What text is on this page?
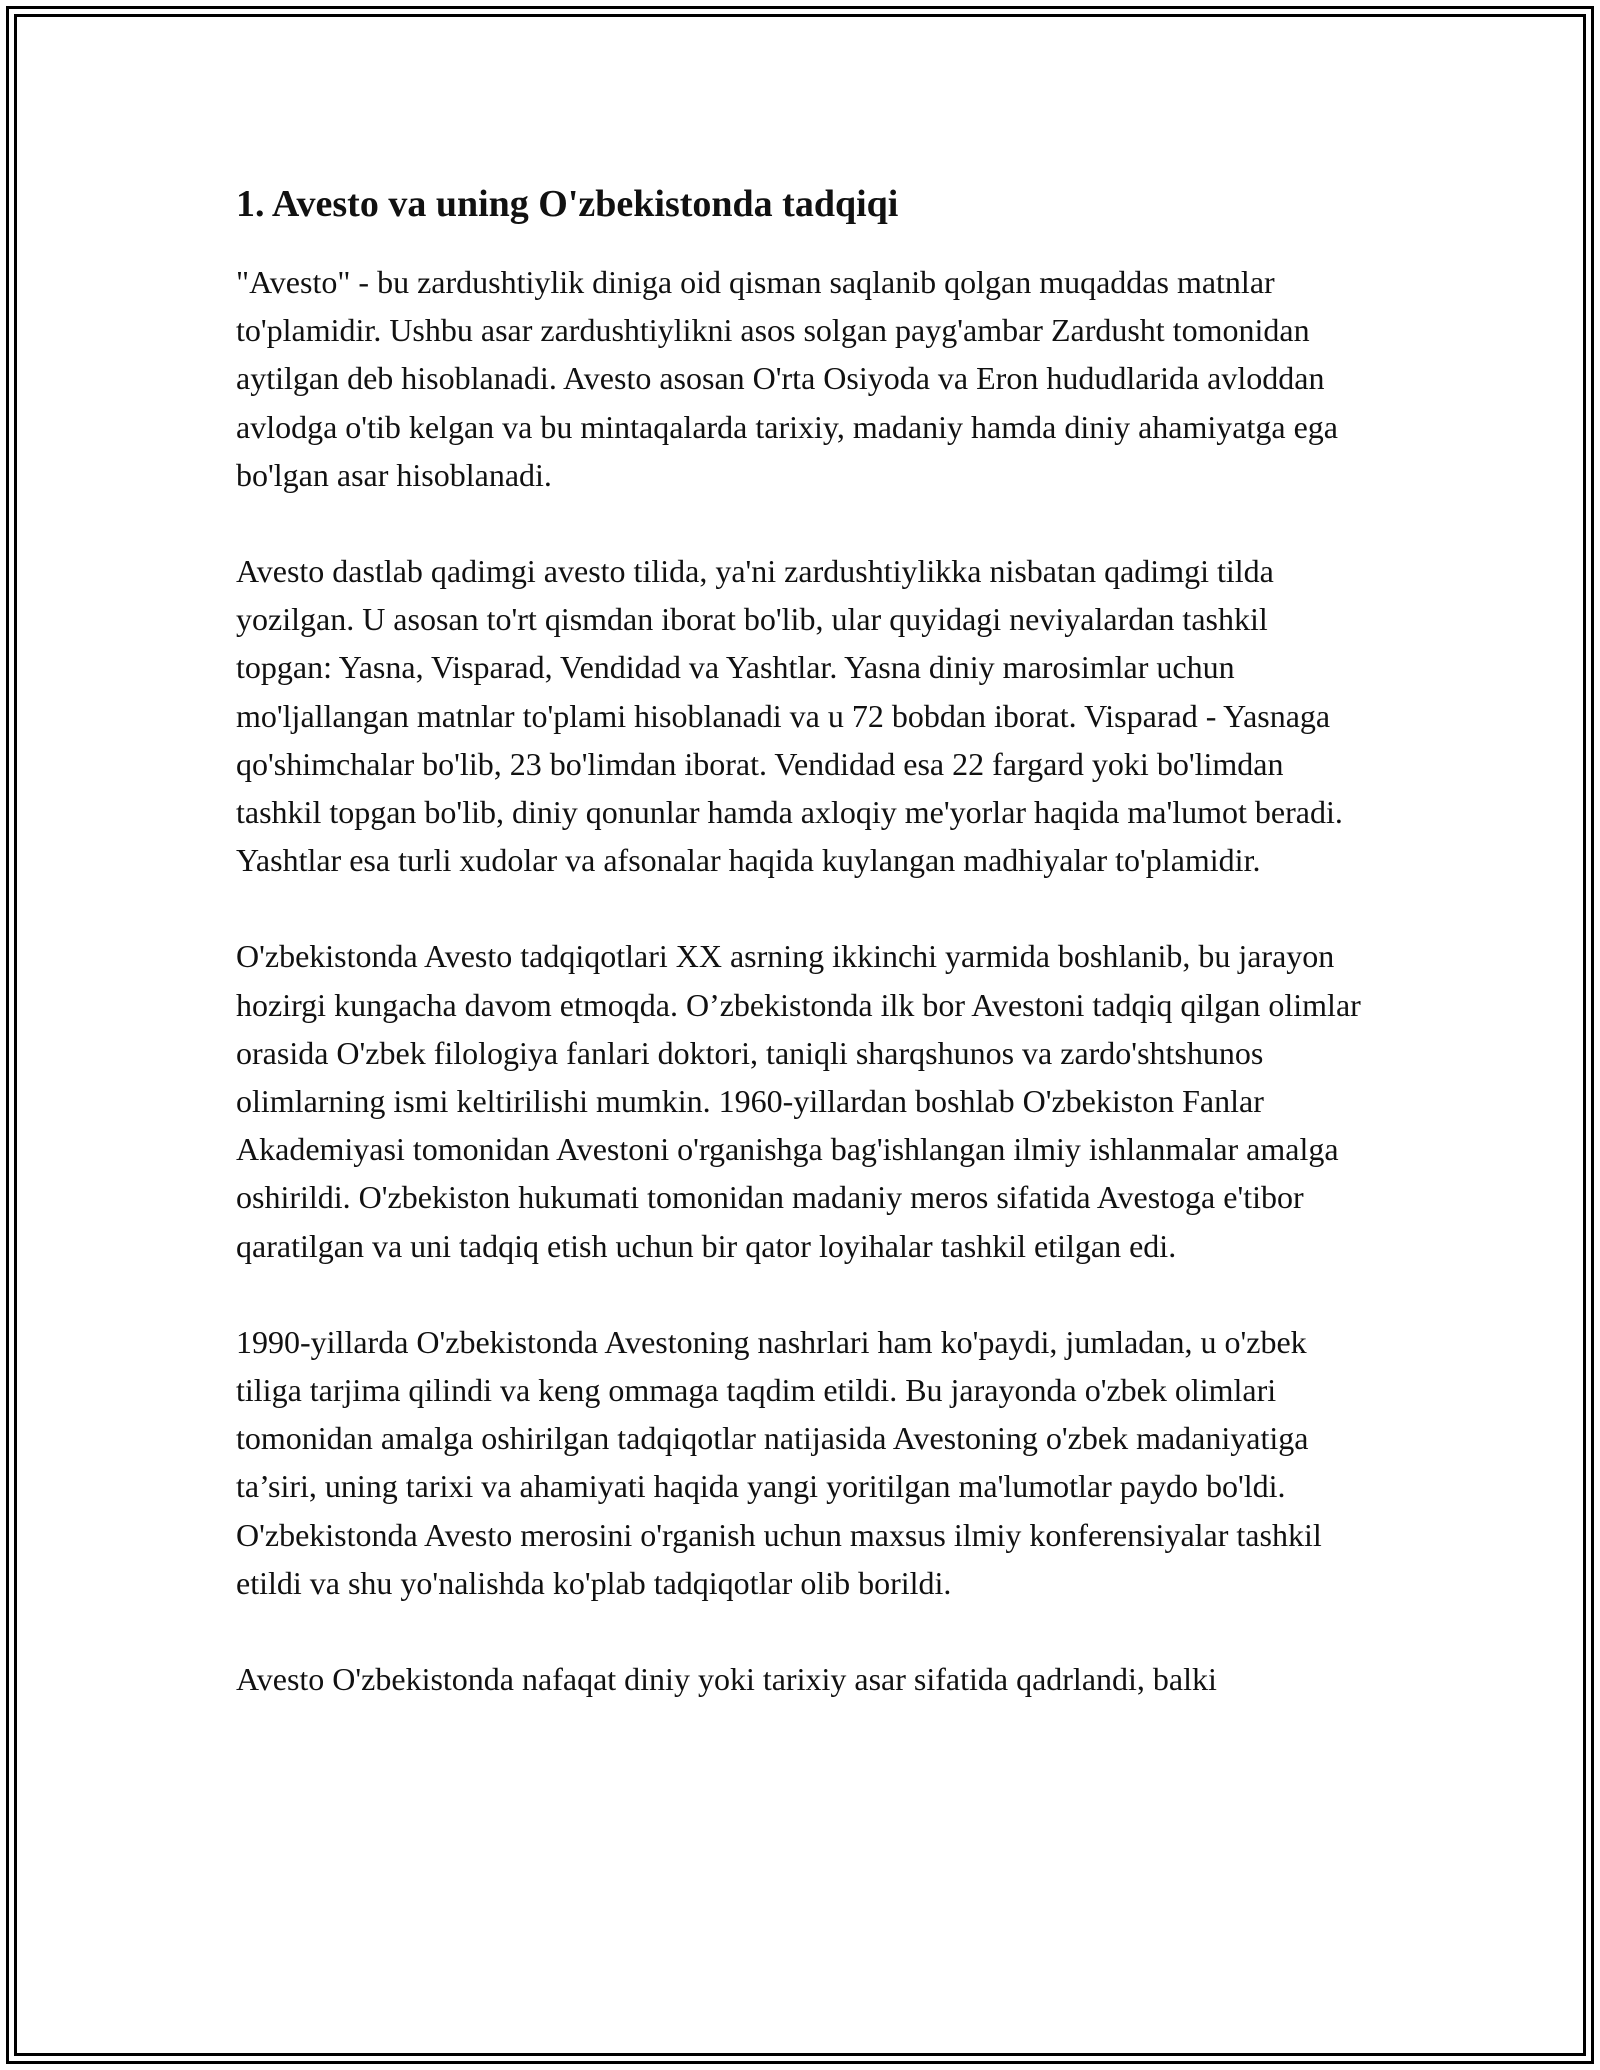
1. Avesto va uning O'zbekistonda tadqiqi

"Avesto" - bu zardushtiylik diniga oid qisman saqlanib qolgan muqaddas matnlar to'plamidir. Ushbu asar zardushtiylikni asos solgan payg'ambar Zardusht tomonidan aytilgan deb hisoblanadi. Avesto asosan O'rta Osiyoda va Eron hududlarida avloddan avlodga o'tib kelgan va bu mintaqalarda tarixiy, madaniy hamda diniy ahamiyatga ega bo'lgan asar hisoblanadi.

Avesto dastlab qadimgi avesto tilida, ya'ni zardushtiylikka nisbatan qadimgi tilda yozilgan. U asosan to'rt qismdan iborat bo'lib, ular quyidagi neviyalardan tashkil topgan: Yasna, Visparad, Vendidad va Yashtlar. Yasna diniy marosimlar uchun mo'ljallangan matnlar to'plami hisoblanadi va u 72 bobdan iborat. Visparad - Yasnaga qo'shimchalar bo'lib, 23 bo'limdan iborat. Vendidad esa 22 fargard yoki bo'limdan tashkil topgan bo'lib, diniy qonunlar hamda axloqiy me'yorlar haqida ma'lumot beradi. Yashtlar esa turli xudolar va afsonalar haqida kuylangan madhiyalar to'plamidir.

O'zbekistonda Avesto tadqiqotlari XX asrning ikkinchi yarmida boshlanib, bu jarayon hozirgi kungacha davom etmoqda. O’zbekistonda ilk bor Avestoni tadqiq qilgan olimlar orasida O'zbek filologiya fanlari doktori, taniqli sharqshunos va zardo'shtshunos olimlarning ismi keltirilishi mumkin. 1960-yillardan boshlab O'zbekiston Fanlar Akademiyasi tomonidan Avestoni o'rganishga bag'ishlangan ilmiy ishlanmalar amalga oshirildi. O'zbekiston hukumati tomonidan madaniy meros sifatida Avestoga e'tibor qaratilgan va uni tadqiq etish uchun bir qator loyihalar tashkil etilgan edi.

1990-yillarda O'zbekistonda Avestoning nashrlari ham ko'paydi, jumladan, u o'zbek tiliga tarjima qilindi va keng ommaga taqdim etildi. Bu jarayonda o'zbek olimlari tomonidan amalga oshirilgan tadqiqotlar natijasida Avestoning o'zbek madaniyatiga ta’siri, uning tarixi va ahamiyati haqida yangi yoritilgan ma'lumotlar paydo bo'ldi. O'zbekistonda Avesto merosini o'rganish uchun maxsus ilmiy konferensiyalar tashkil etildi va shu yo'nalishda ko'plab tadqiqotlar olib borildi.

Avesto O'zbekistonda nafaqat diniy yoki tarixiy asar sifatida qadrlandi, balki
